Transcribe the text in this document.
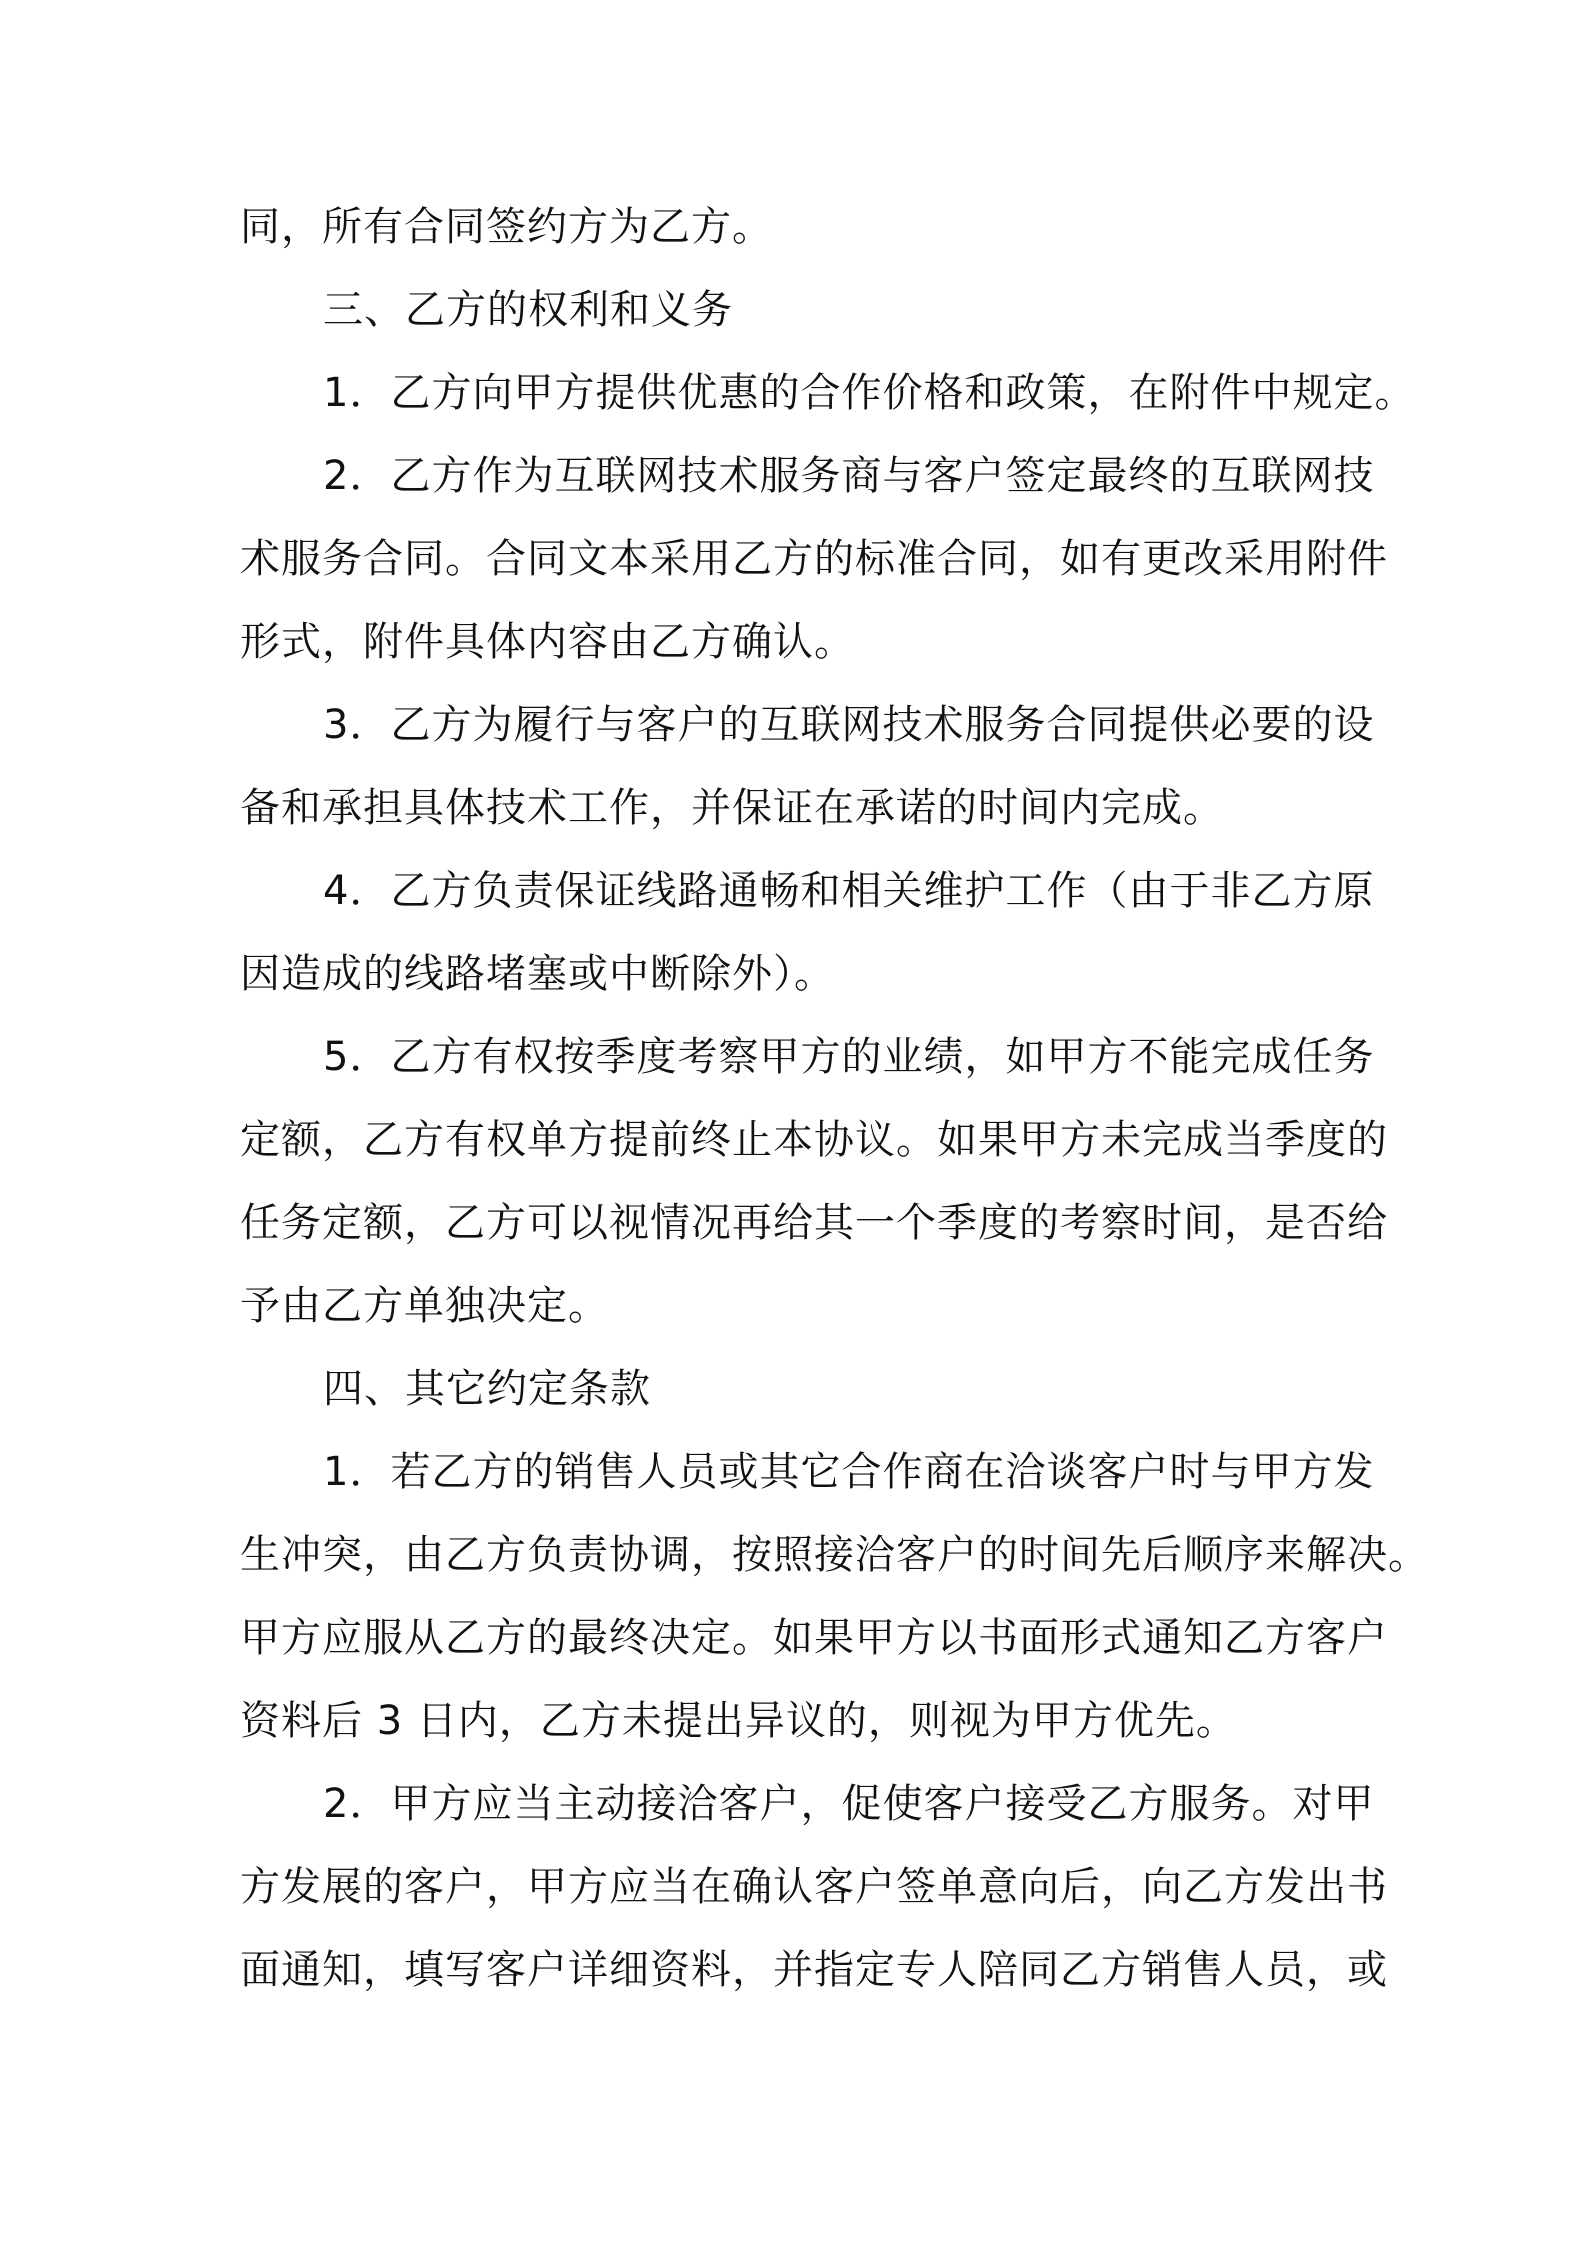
同，所有合同签约方为乙方。
三、乙方的权利和义务
1．乙方向甲方提供优惠的合作价格和政策，在附件中规定。
2．乙方作为互联网技术服务商与客户签定最终的互联网技
术服务合同。合同文本采用乙方的标准合同，如有更改采用附件
形式，附件具体内容由乙方确认。
3．乙方为履行与客户的互联网技术服务合同提供必要的设
备和承担具体技术工作，并保证在承诺的时间内完成。
4．乙方负责保证线路通畅和相关维护工作（由于非乙方原
因造成的线路堵塞或中断除外）。
5．乙方有权按季度考察甲方的业绩，如甲方不能完成任务
定额，乙方有权单方提前终止本协议。如果甲方未完成当季度的
任务定额，乙方可以视情况再给其一个季度的考察时间，是否给
予由乙方单独决定。
四、其它约定条款
1．若乙方的销售人员或其它合作商在洽谈客户时与甲方发
生冲突，由乙方负责协调，按照接洽客户的时间先后顺序来解决。
甲方应服从乙方的最终决定。如果甲方以书面形式通知乙方客户
资料后 3 日内，乙方未提出异议的，则视为甲方优先。
2．甲方应当主动接洽客户，促使客户接受乙方服务。对甲
方发展的客户，甲方应当在确认客户签单意向后，向乙方发出书
面通知，填写客户详细资料，并指定专人陪同乙方销售人员，或
